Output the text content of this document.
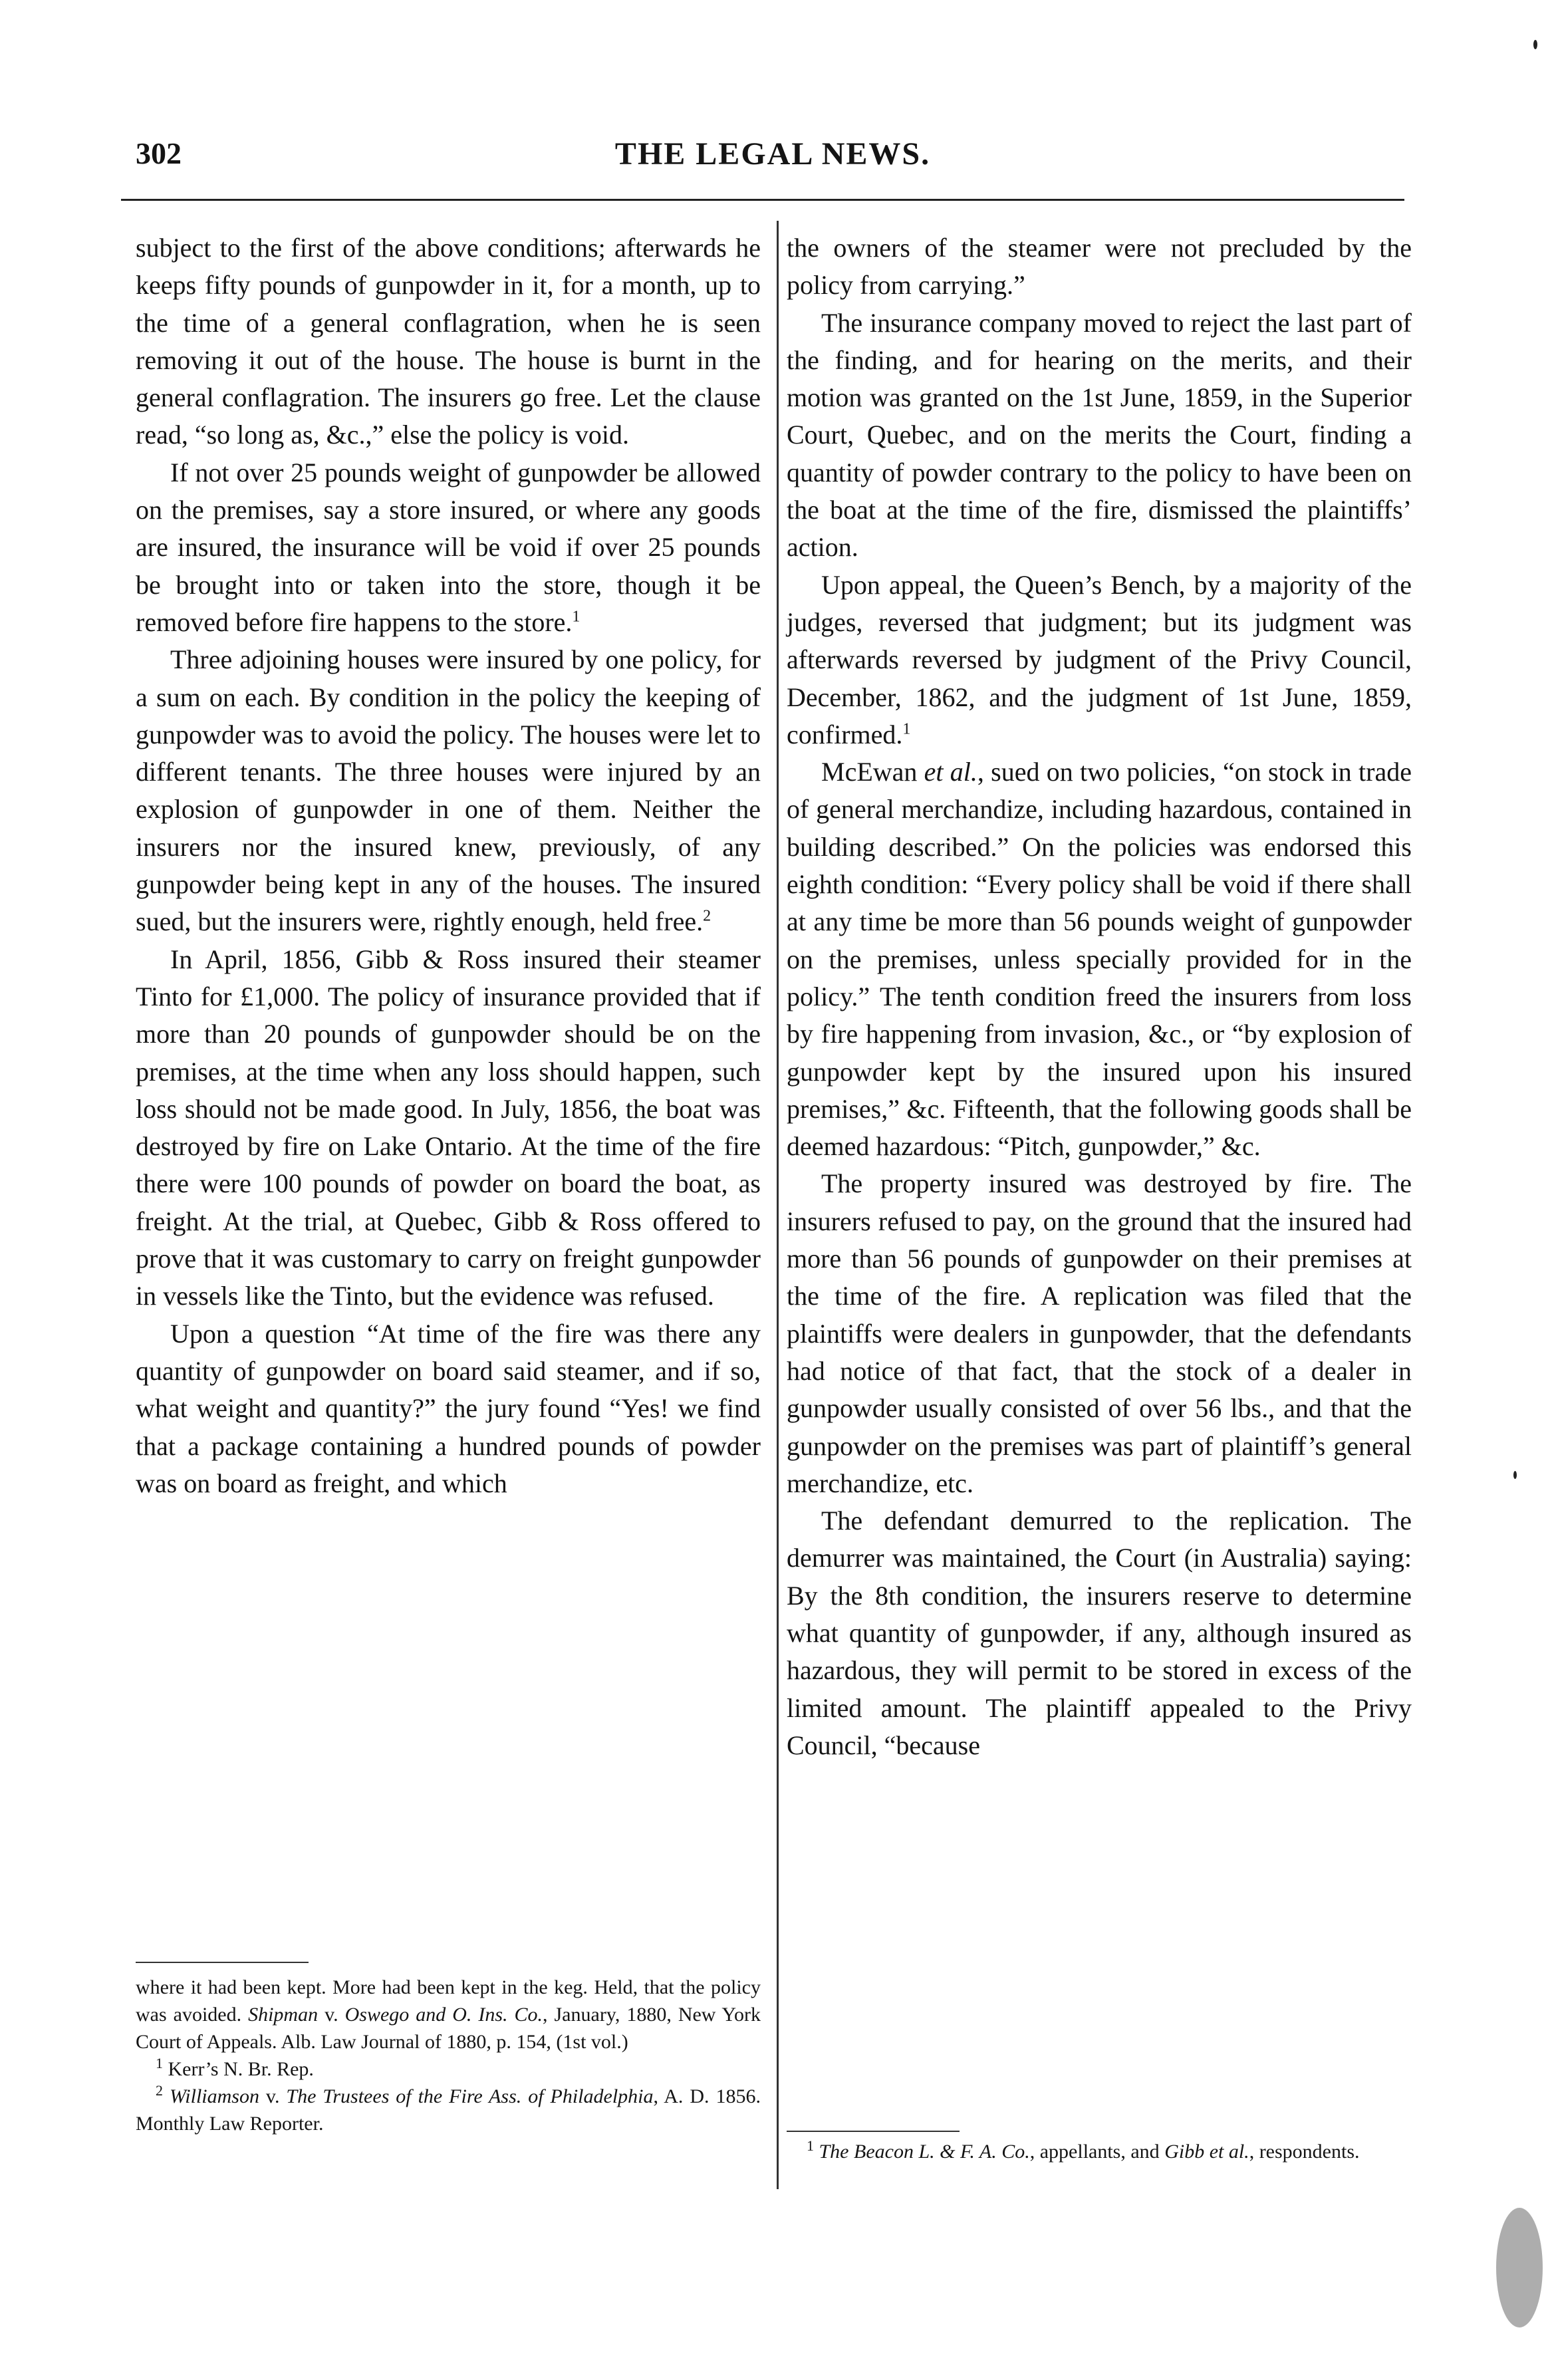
302	THE LEGAL NEWS.

subject to the first of the above conditions; afterwards he keeps fifty pounds of gunpowder in it, for a month, up to the time of a general conflagration, when he is seen removing it out of the house. The house is burnt in the general conflagration. The insurers go free. Let the clause read, “so long as, &c.,” else the policy is void.

If not over 25 pounds weight of gunpowder be allowed on the premises, say a store insured, or where any goods are insured, the insurance will be void if over 25 pounds be brought into or taken into the store, though it be removed before fire happens to the store.$^1$

Three adjoining houses were insured by one policy, for a sum on each. By condition in the policy the keeping of gunpowder was to avoid the policy. The houses were let to different tenants. The three houses were injured by an explosion of gunpowder in one of them. Neither the insurers nor the insured knew, previously, of any gunpowder being kept in any of the houses. The insured sued, but the insurers were, rightly enough, held free.$^2$

In April, 1856, Gibb & Ross insured their steamer Tinto for £1,000. The policy of insurance provided that if more than 20 pounds of gunpowder should be on the premises, at the time when any loss should happen, such loss should not be made good. In July, 1856, the boat was destroyed by fire on Lake Ontario. At the time of the fire there were 100 pounds of powder on board the boat, as freight. At the trial, at Quebec, Gibb & Ross offered to prove that it was customary to carry on freight gunpowder in vessels like the Tinto, but the evidence was refused.

Upon a question “At time of the fire was there any quantity of gunpowder on board said steamer, and if so, what weight and quantity?” the jury found “Yes! we find that a package containing a hundred pounds of powder was on board as freight, and which

where it had been kept. More had been kept in the keg. Held, that the policy was avoided. Shipman v. Oswego and O. Ins. Co., January, 1880, New York Court of Appeals. Alb. Law Journal of 1880, p. 154, (1st vol.)

$^1$ Kerr’s N. Br. Rep.

$^2$ Williamson v. The Trustees of the Fire Ass. of Philadelphia, A. D. 1856. Monthly Law Reporter.

the owners of the steamer were not precluded by the policy from carrying.”

The insurance company moved to reject the last part of the finding, and for hearing on the merits, and their motion was granted on the 1st June, 1859, in the Superior Court, Quebec, and on the merits the Court, finding a quantity of powder contrary to the policy to have been on the boat at the time of the fire, dismissed the plaintiffs’ action.

Upon appeal, the Queen’s Bench, by a majority of the judges, reversed that judgment; but its judgment was afterwards reversed by judgment of the Privy Council, December, 1862, and the judgment of 1st June, 1859, confirmed.$^1$

McEwan et al., sued on two policies, “on stock in trade of general merchandize, including hazardous, contained in building described.” On the policies was endorsed this eighth condition: “Every policy shall be void if there shall at any time be more than 56 pounds weight of gunpowder on the premises, unless specially provided for in the policy.” The tenth condition freed the insurers from loss by fire happening from invasion, &c., or “by explosion of gunpowder kept by the insured upon his insured premises,” &c. Fifteenth, that the following goods shall be deemed hazardous: “Pitch, gunpowder,” &c.

The property insured was destroyed by fire. The insurers refused to pay, on the ground that the insured had more than 56 pounds of gunpowder on their premises at the time of the fire. A replication was filed that the plaintiffs were dealers in gunpowder, that the defendants had notice of that fact, that the stock of a dealer in gunpowder usually consisted of over 56 lbs., and that the gunpowder on the premises was part of plaintiff’s general merchandize, etc.

The defendant demurred to the replication. The demurrer was maintained, the Court (in Australia) saying: By the 8th condition, the insurers reserve to determine what quantity of gunpowder, if any, although insured as hazardous, they will permit to be stored in excess of the limited amount. The plaintiff appealed to the Privy Council, “because

$^1$ The Beacon L. & F. A. Co., appellants, and Gibb et al., respondents.
